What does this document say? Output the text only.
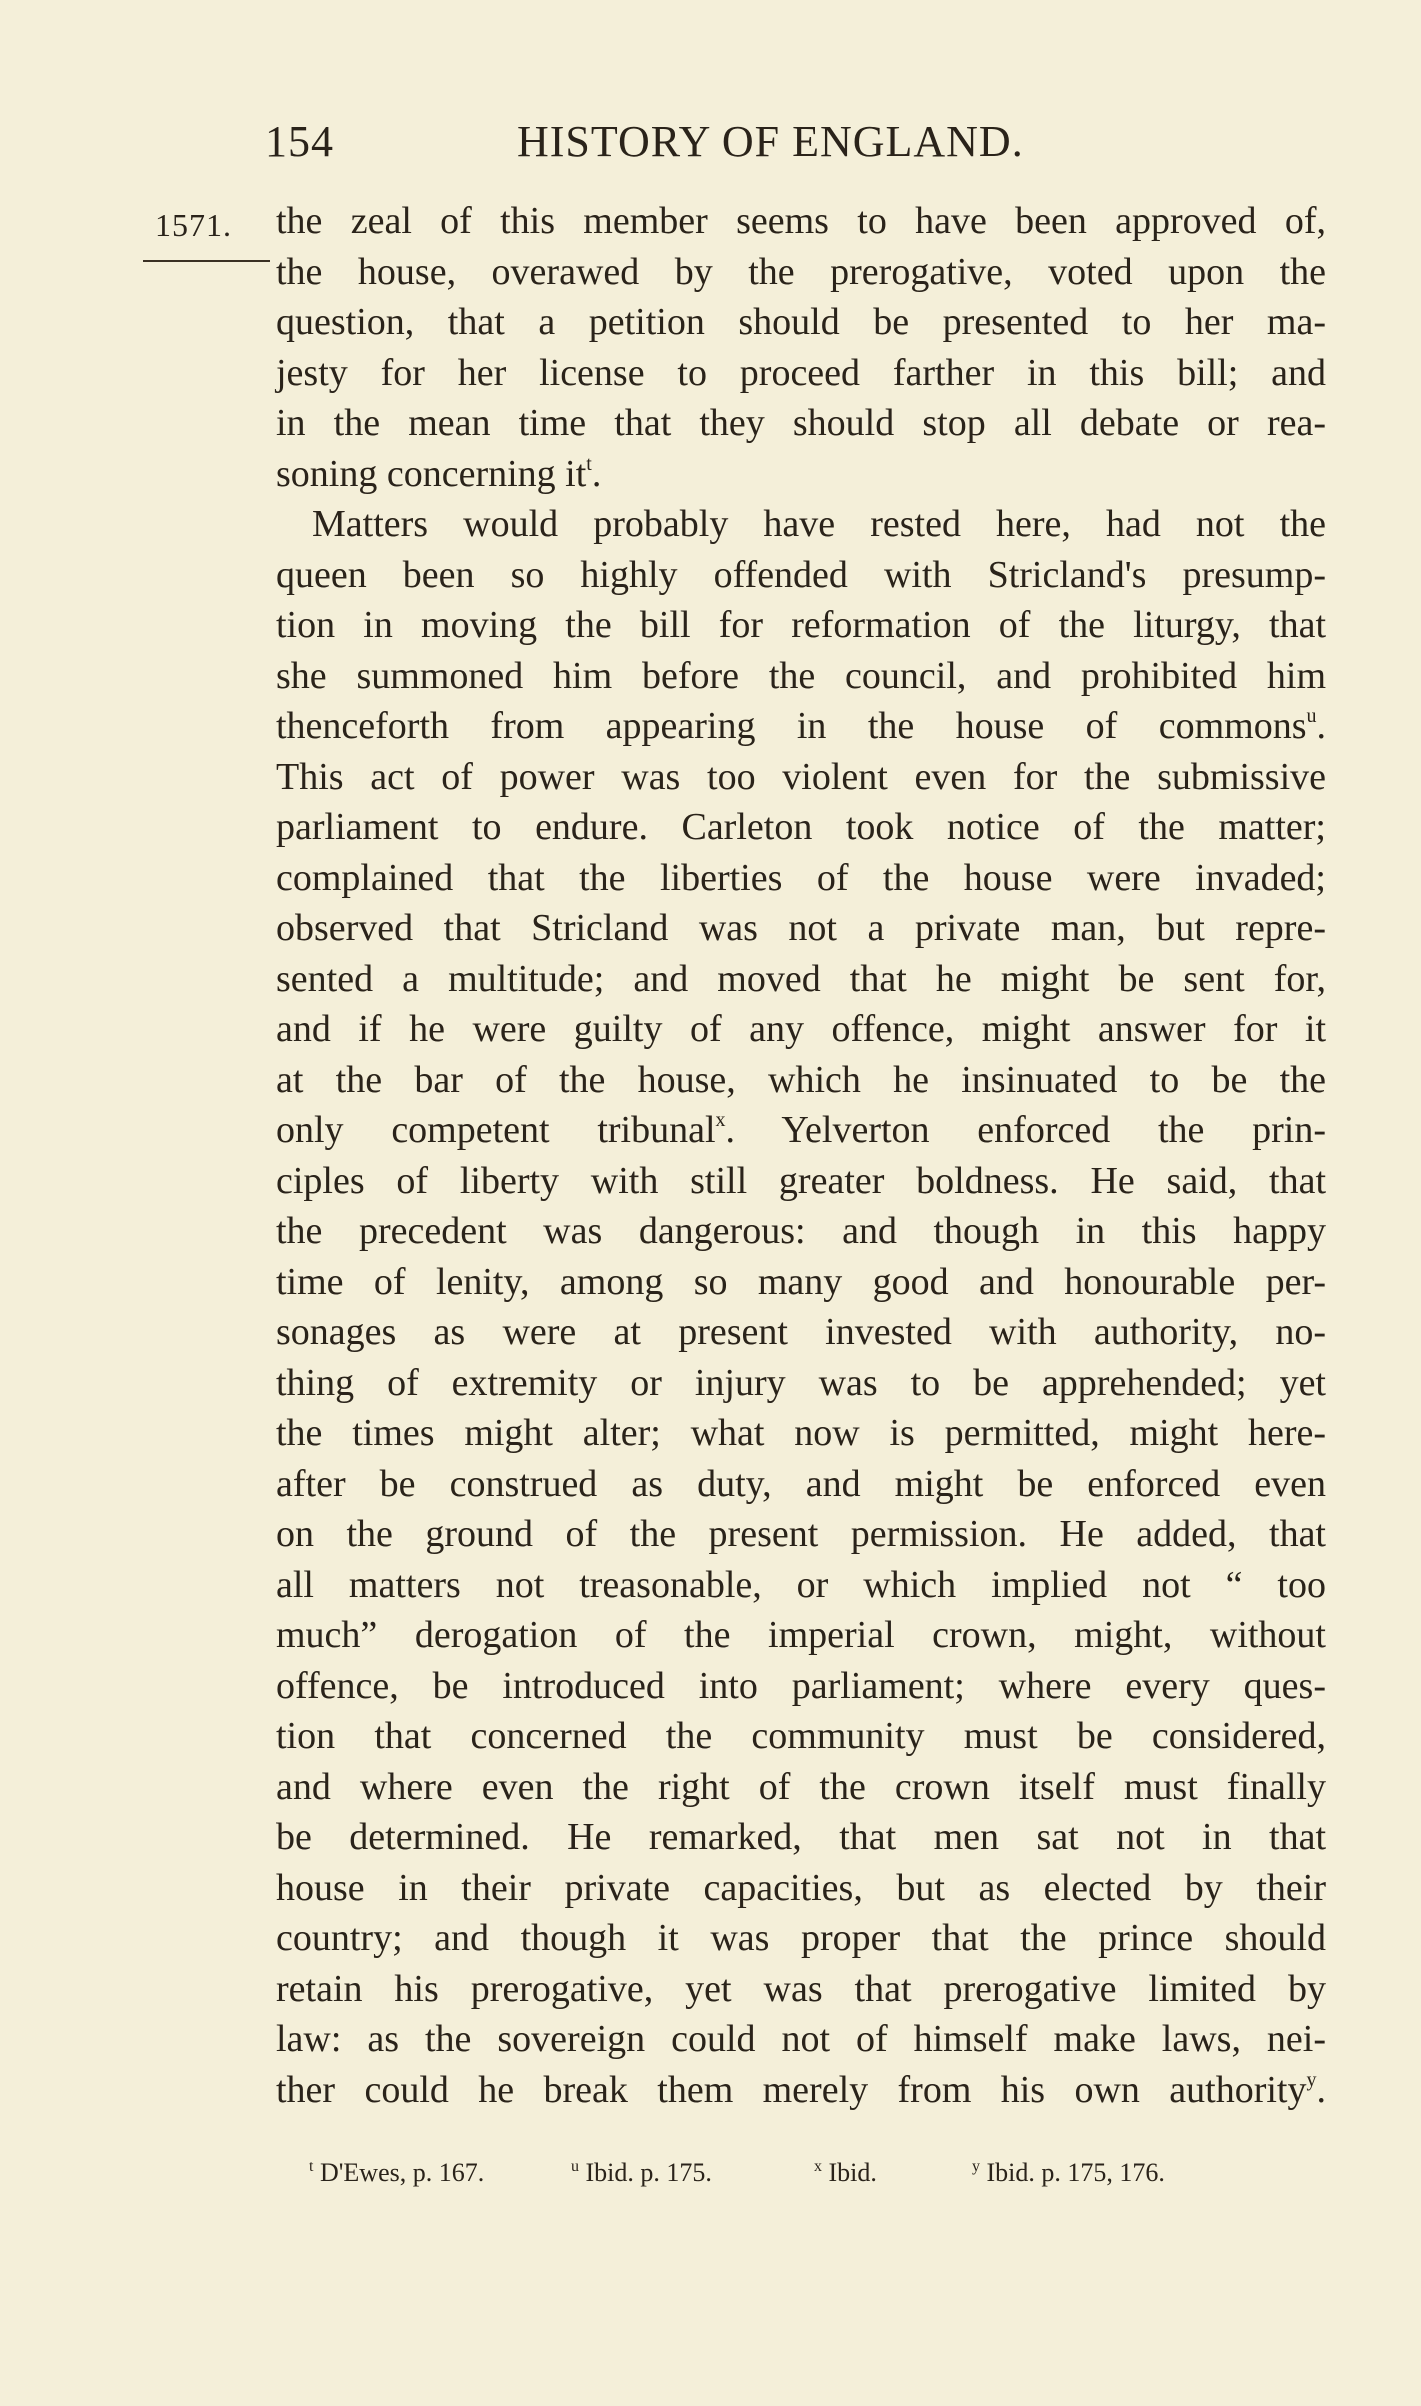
154	HISTORY OF ENGLAND.
1571. the zeal of this member seems to have been approved of,
the house, overawed by the prerogative, voted upon the
question, that a petition should be presented to her ma-
jesty for her license to proceed farther in this bill; and
in the mean time that they should stop all debate or rea-
soning concerning $it^t$.
Matters would probably have rested here, had not the
queen been so highly offended with Stricland's presump-
tion in moving the bill for reformation of the liturgy, that
she summoned him before the council, and prohibited him
thenceforth from appearing in the house of commons$^u$.
This act of power was too violent even for the submissive
parliament to endure. Carleton took notice of the matter;
complained that the liberties of the house were invaded;
observed that Stricland was not a private man, but repre-
sented a multitude; and moved that he might be sent for,
and if he were guilty of any offence, might answer for it
at the bar of the house, which he insinuated to be the
only competent tribunal$^x$. Yelverton enforced the prin-
ciples of liberty with still greater boldness. He said, that
the precedent was dangerous: and though in this happy
time of lenity, among so many good and honourable per-
sonages as were at present invested with authority, no-
thing of extremity or injury was to be apprehended; yet
the times might alter; what now is permitted, might here-
after be construed as duty, and might be enforced even
on the ground of the present permission. He added, that
all matters not treasonable, or which implied not “ too
much” derogation of the imperial crown, might, without
offence, be introduced into parliament; where every ques-
tion that concerned the community must be considered,
and where even the right of the crown itself must finally
be determined. He remarked, that men sat not in that
house in their private capacities, but as elected by their
country; and though it was proper that the prince should
retain his prerogative, yet was that prerogative limited by
law: as the sovereign could not of himself make laws, nei-
ther could he break them merely from his own authority$^y$.
$^t$ D'Ewes, p. 167.	$^u$ Ibid. p. 175.	$^x$ Ibid.	$^y$ Ibid. p. 175, 176.
